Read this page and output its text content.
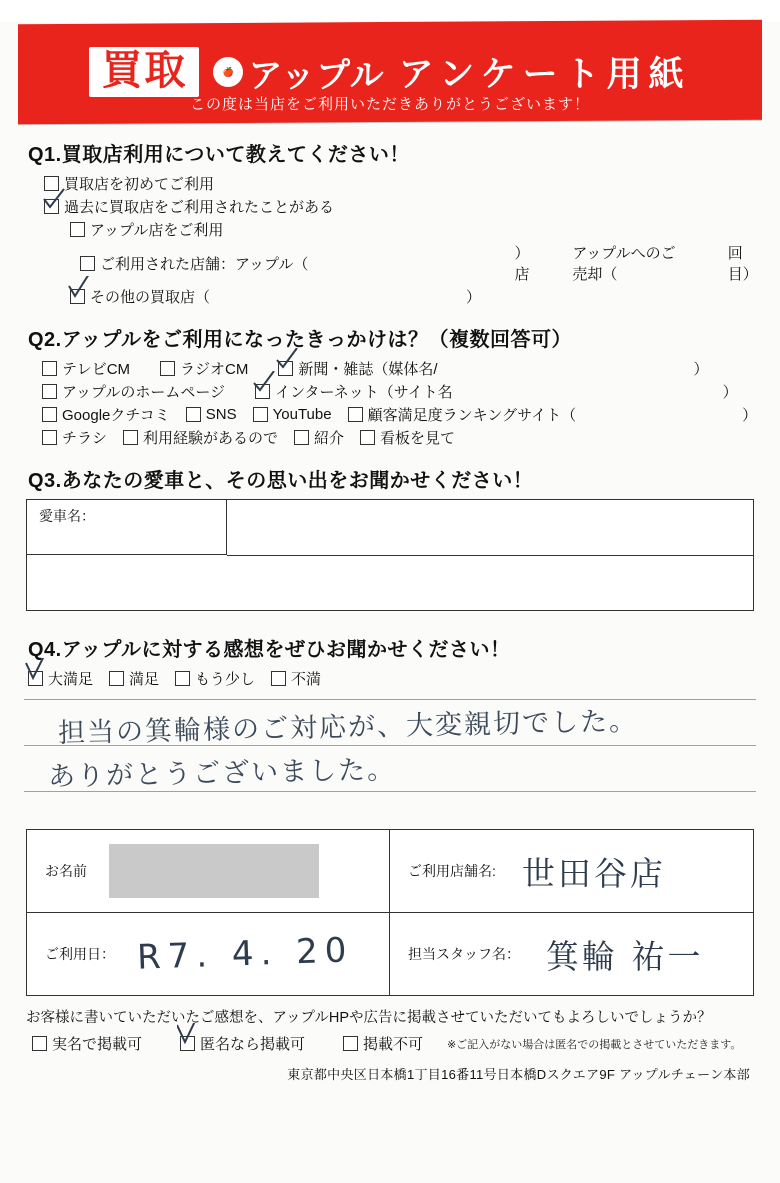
買取	🍎 アップル アンケート用紙
この度は当店をご利用いただきありがとうございます！
Q1.買取店利用について教えてください！
買取店を初めてご利用
過去に買取店をご利用されたことがある
アップル店をご利用
ご利用された店舗：アップル（
）店
アップルへのご売却（
回目）
その他の買取店（	）
Q2.アップルをご利用になったきっかけは？（複数回答可）
テレビCM	ラジオCM	新聞・雑誌（媒体名/	）
アップルのホームページ	インターネット（サイト名	）
Googleクチコミ SNS YouTube 顧客満足度ランキングサイト（	）
チラシ 利用経験があるので 紹介 看板を見て
Q3.あなたの愛車と、その思い出をお聞かせください！
愛車名：
Q4.アップルに対する感想をぜひお聞かせください！
大満足 満足 もう少し 不満
担当の箕輪様のご対応が、大変親切でした。
ありがとうございました。
お名前	ご利用店舗名: 世田谷店
ご利用日： R7. 4. 20	担当スタッフ名： 箕輪 祐一
お客様に書いていただいたご感想を、アップルHPや広告に掲載させていただいてもよろしいでしょうか？
実名で掲載可	匿名なら掲載可	掲載不可 ※ご記入がない場合は匿名での掲載とさせていただきます。
東京都中央区日本橋1丁目16番11号日本橋Dスクエア9F アップルチェーン本部
